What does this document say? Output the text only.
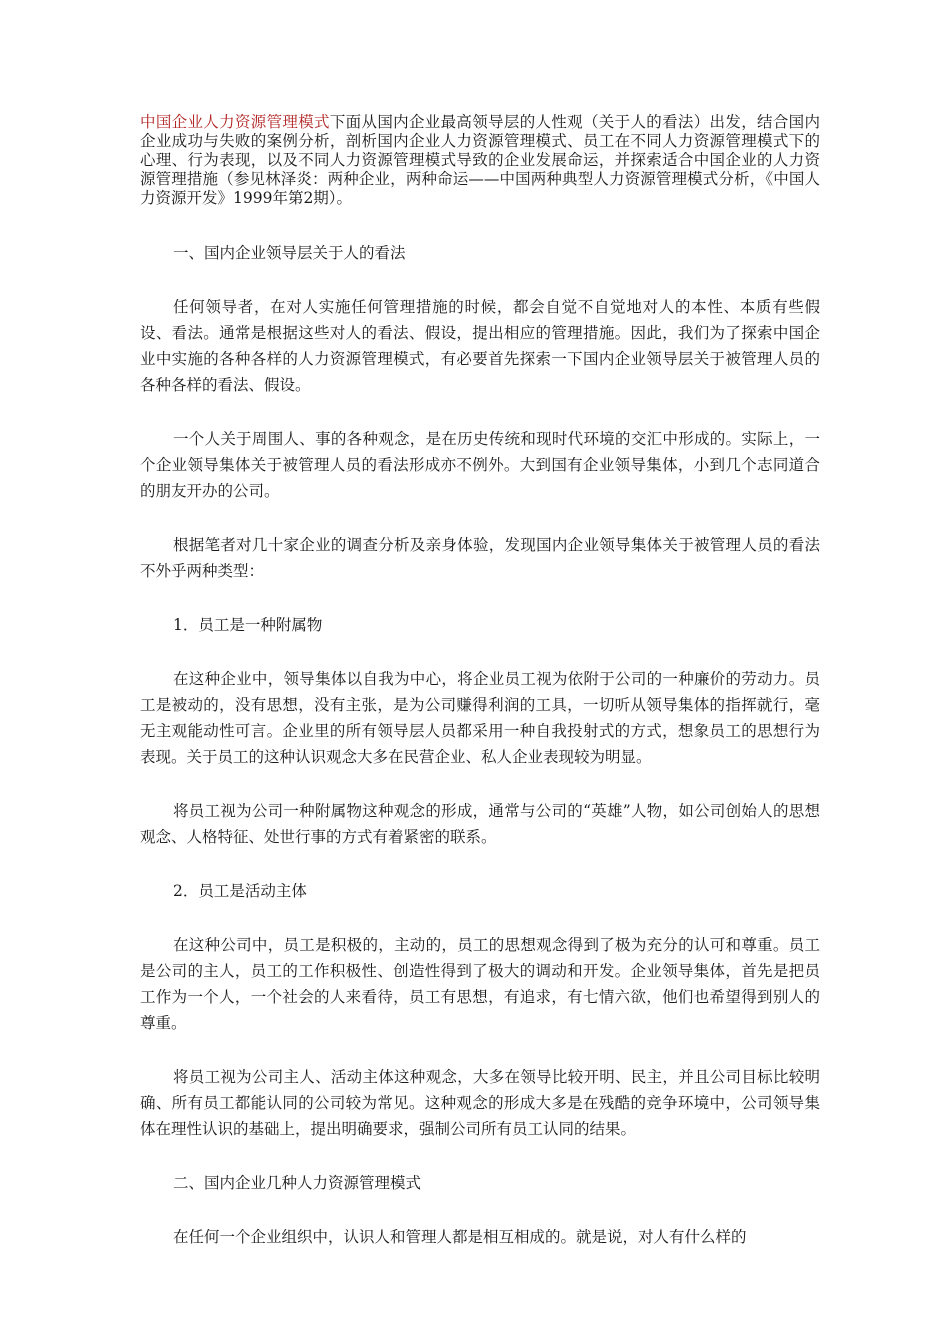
中国企业人力资源管理模式下面从国内企业最高领导层的人性观（关于人的看法）出发，结合国内企业成功与失败的案例分析，剖析国内企业人力资源管理模式、员工在不同人力资源管理模式下的心理、行为表现，以及不同人力资源管理模式导致的企业发展命运，并探索适合中国企业的人力资源管理措施（参见林泽炎：两种企业，两种命运——中国两种典型人力资源管理模式分析，《中国人力资源开发》1999年第2期）。

一、国内企业领导层关于人的看法

任何领导者，在对人实施任何管理措施的时候，都会自觉不自觉地对人的本性、本质有些假设、看法。通常是根据这些对人的看法、假设，提出相应的管理措施。因此，我们为了探索中国企业中实施的各种各样的人力资源管理模式，有必要首先探索一下国内企业领导层关于被管理人员的各种各样的看法、假设。

一个人关于周围人、事的各种观念，是在历史传统和现时代环境的交汇中形成的。实际上，一个企业领导集体关于被管理人员的看法形成亦不例外。大到国有企业领导集体，小到几个志同道合的朋友开办的公司。

根据笔者对几十家企业的调查分析及亲身体验，发现国内企业领导集体关于被管理人员的看法不外乎两种类型：

1．员工是一种附属物

在这种企业中，领导集体以自我为中心，将企业员工视为依附于公司的一种廉价的劳动力。员工是被动的，没有思想，没有主张，是为公司赚得利润的工具，一切听从领导集体的指挥就行，毫无主观能动性可言。企业里的所有领导层人员都采用一种自我投射式的方式，想象员工的思想行为表现。关于员工的这种认识观念大多在民营企业、私人企业表现较为明显。

将员工视为公司一种附属物这种观念的形成，通常与公司的“英雄”人物，如公司创始人的思想观念、人格特征、处世行事的方式有着紧密的联系。

2．员工是活动主体

在这种公司中，员工是积极的，主动的，员工的思想观念得到了极为充分的认可和尊重。员工是公司的主人，员工的工作积极性、创造性得到了极大的调动和开发。企业领导集体，首先是把员工作为一个人，一个社会的人来看待，员工有思想，有追求，有七情六欲，他们也希望得到别人的尊重。

将员工视为公司主人、活动主体这种观念，大多在领导比较开明、民主，并且公司目标比较明确、所有员工都能认同的公司较为常见。这种观念的形成大多是在残酷的竞争环境中，公司领导集体在理性认识的基础上，提出明确要求，强制公司所有员工认同的结果。

二、国内企业几种人力资源管理模式

在任何一个企业组织中，认识人和管理人都是相互相成的。就是说，对人有什么样的
